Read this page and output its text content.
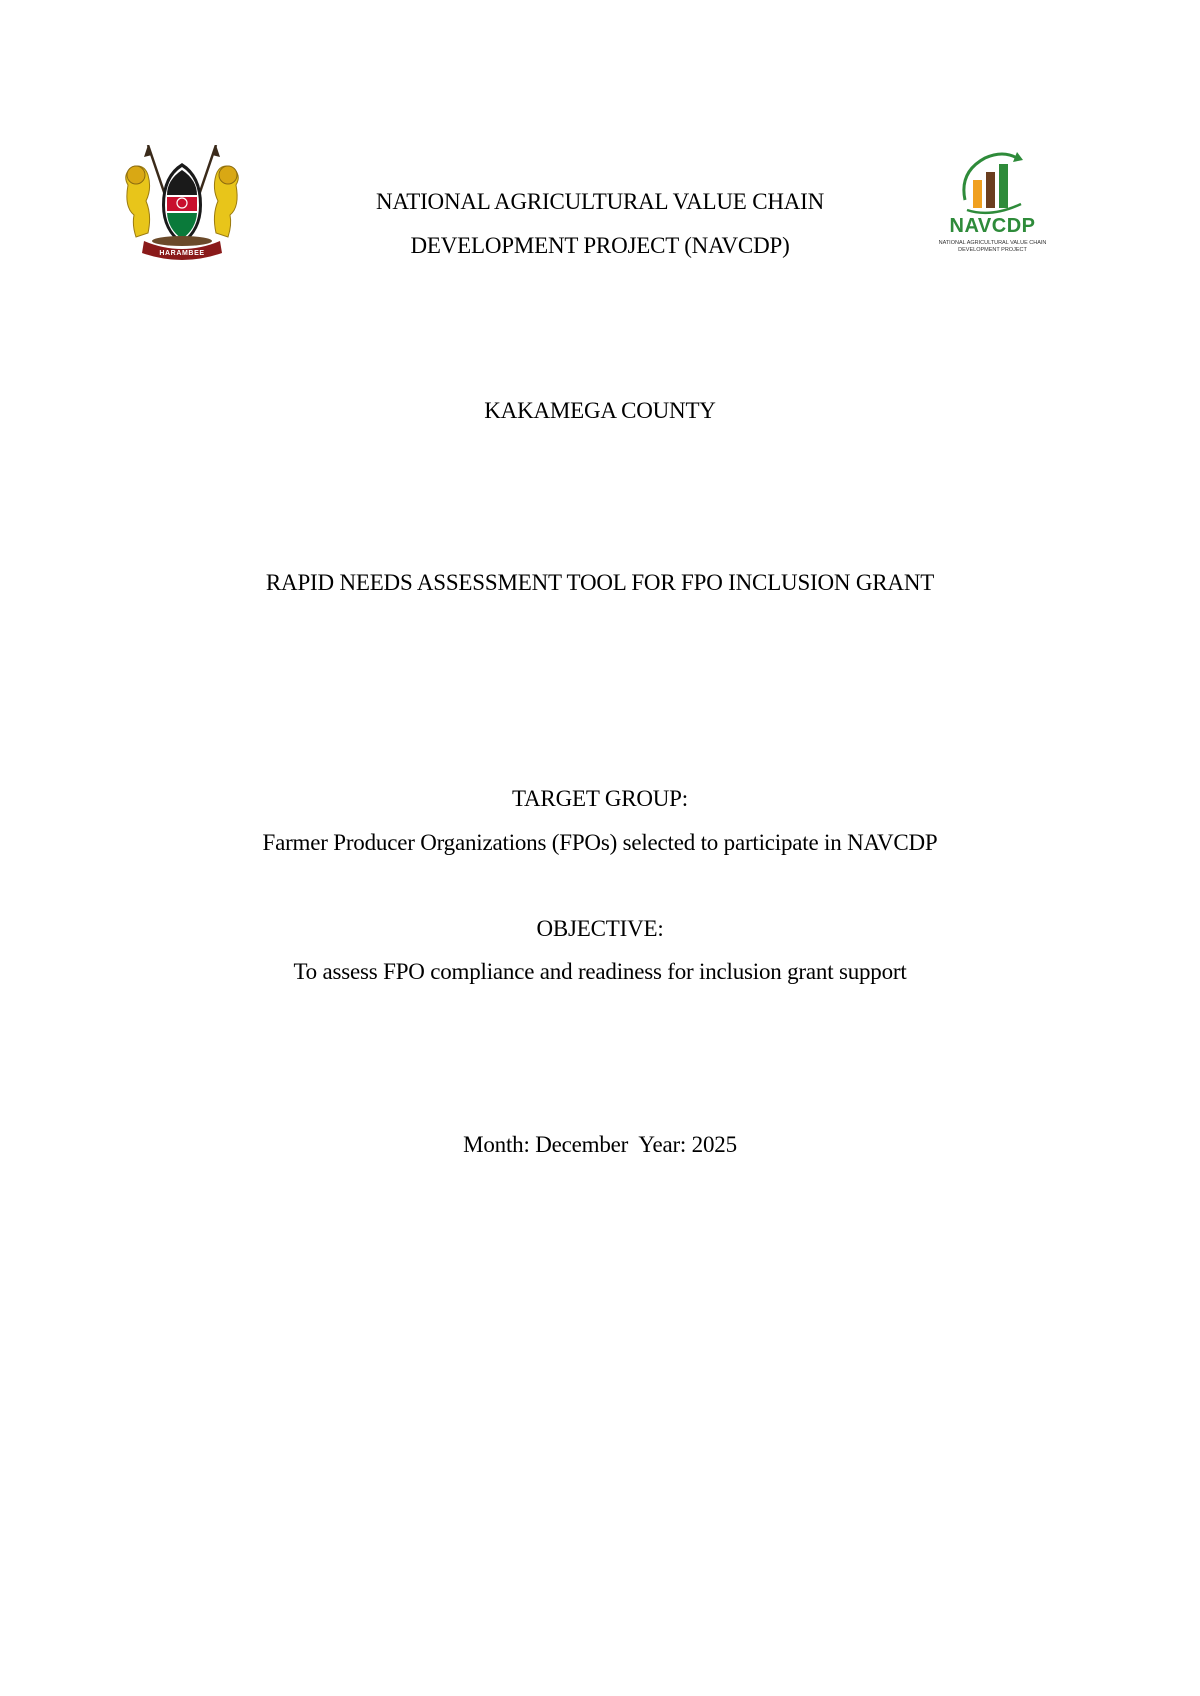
HARAMBEE
NAVCDP
NATIONAL AGRICULTURAL VALUE CHAIN
DEVELOPMENT PROJECT
NATIONAL AGRICULTURAL VALUE CHAIN
DEVELOPMENT PROJECT (NAVCDP)
KAKAMEGA COUNTY
RAPID NEEDS ASSESSMENT TOOL FOR FPO INCLUSION GRANT
TARGET GROUP:
Farmer Producer Organizations (FPOs) selected to participate in NAVCDP
OBJECTIVE:
To assess FPO compliance and readiness for inclusion grant support
Month: December  Year: 2025
